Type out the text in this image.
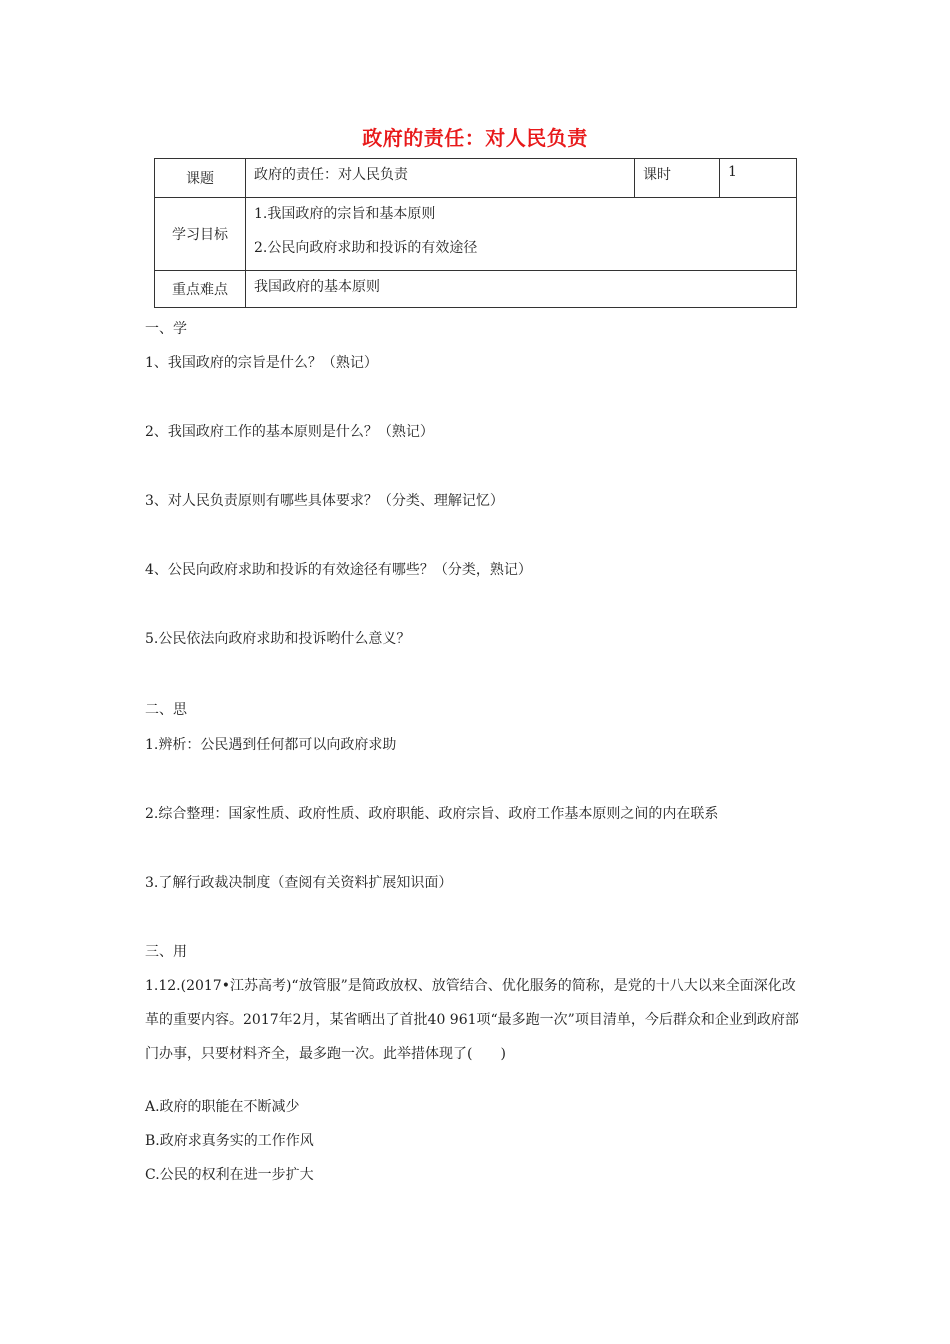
政府的责任：对人民负责
课题	政府的责任：对人民负责	课时	1
学习目标	1.我国政府的宗旨和基本原则
2.公民向政府求助和投诉的有效途径		

重点难点	我国政府的基本原则		
一、学
1、我国政府的宗旨是什么？（熟记）
2、我国政府工作的基本原则是什么？（熟记）
3、对人民负责原则有哪些具体要求？（分类、理解记忆）
4、公民向政府求助和投诉的有效途径有哪些？（分类，熟记）
5.公民依法向政府求助和投诉哟什么意义？
二、思
1.辨析：公民遇到任何都可以向政府求助
2.综合整理：国家性质、政府性质、政府职能、政府宗旨、政府工作基本原则之间的内在联系
3.了解行政裁决制度（查阅有关资料扩展知识面）
三、用
1.12.(2017•江苏高考)“放管服”是简政放权、放管结合、优化服务的简称，是党的十八大以来全面深化改革的重要内容。2017年2月，某省晒出了首批40 961项“最多跑一次”项目清单，今后群众和企业到政府部门办事，只要材料齐全，最多跑一次。此举措体现了(　　)
A.政府的职能在不断减少
B.政府求真务实的工作作风
C.公民的权利在进一步扩大
